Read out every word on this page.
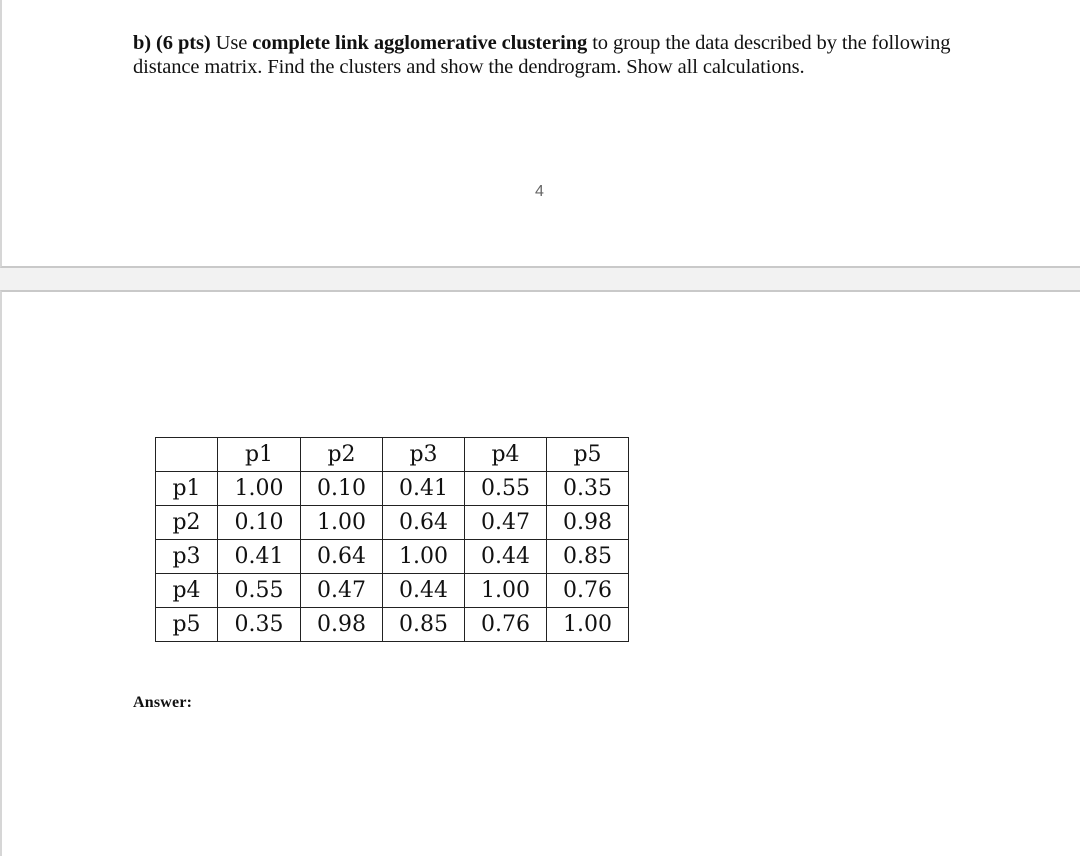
b) (6 pts) Use complete link agglomerative clustering to group the data described by the following distance matrix. Find the clusters and show the dendrogram. Show all calculations.
4
	p1	p2	p3	p4	p5
p1	1.00	0.10	0.41	0.55	0.35
p2	0.10	1.00	0.64	0.47	0.98
p3	0.41	0.64	1.00	0.44	0.85
p4	0.55	0.47	0.44	1.00	0.76
p5	0.35	0.98	0.85	0.76	1.00
Answer:
